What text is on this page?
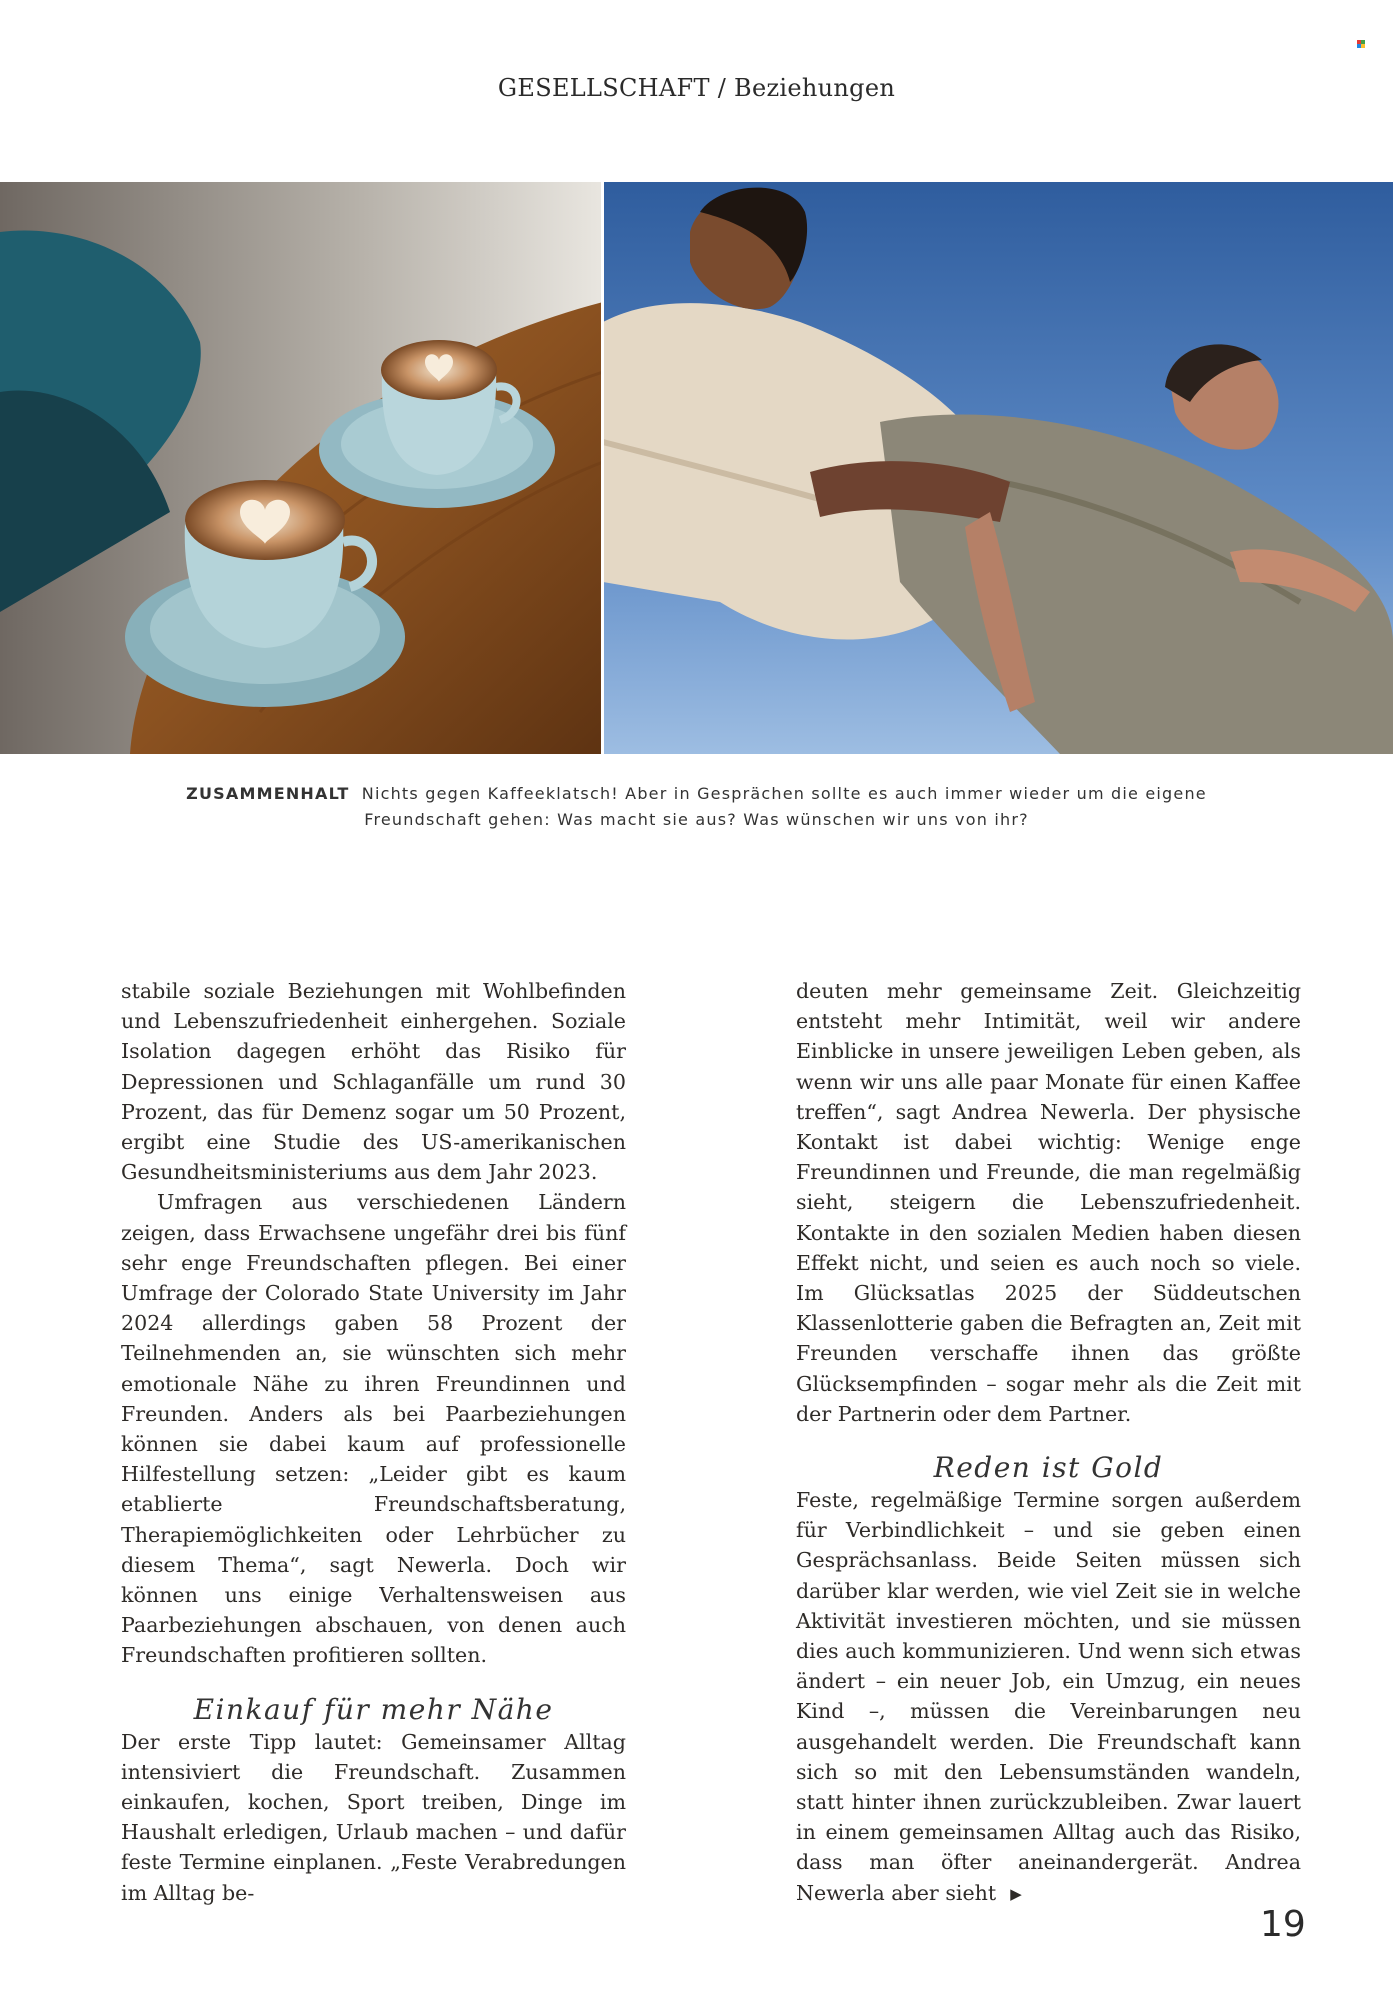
GESELLSCHAFT / Beziehungen
ZUSAMMENHALT Nichts gegen Kaffeeklatsch! Aber in Gesprächen sollte es auch immer wieder um die eigene Freundschaft gehen: Was macht sie aus? Was wünschen wir uns von ihr?

stabile soziale Beziehungen mit Wohlbefinden und Lebenszufriedenheit einhergehen. Soziale Isolation dagegen erhöht das Risiko für Depressionen und Schlaganfälle um rund 30 Prozent, das für Demenz sogar um 50 Prozent, ergibt eine Studie des US-amerikanischen Gesundheitsministeriums aus dem Jahr 2023.

Umfragen aus verschiedenen Ländern zeigen, dass Erwachsene ungefähr drei bis fünf sehr enge Freundschaften pflegen. Bei einer Umfrage der Colorado State University im Jahr 2024 allerdings gaben 58 Prozent der Teilnehmenden an, sie wünschten sich mehr emotionale Nähe zu ihren Freundinnen und Freunden. Anders als bei Paarbeziehungen können sie dabei kaum auf professionelle Hilfestellung setzen: „Leider gibt es kaum etablierte Freundschaftsberatung, Therapiemöglichkeiten oder Lehrbücher zu diesem Thema“, sagt Newerla. Doch wir können uns einige Verhaltensweisen aus Paarbeziehungen abschauen, von denen auch Freundschaften profitieren sollten.

Einkauf für mehr Nähe

Der erste Tipp lautet: Gemeinsamer Alltag intensiviert die Freundschaft. Zusammen einkaufen, kochen, Sport treiben, Dinge im Haushalt erledigen, Urlaub machen – und dafür feste Termine einplanen. „Feste Verabredungen im Alltag be-

deuten mehr gemeinsame Zeit. Gleichzeitig entsteht mehr Intimität, weil wir andere Einblicke in unsere jeweiligen Leben geben, als wenn wir uns alle paar Monate für einen Kaffee treffen“, sagt Andrea Newerla. Der physische Kontakt ist dabei wichtig: Wenige enge Freundinnen und Freunde, die man regelmäßig sieht, steigern die Lebenszufriedenheit. Kontakte in den sozialen Medien haben diesen Effekt nicht, und seien es auch noch so viele. Im Glücksatlas 2025 der Süddeutschen Klassenlotterie gaben die Befragten an, Zeit mit Freunden verschaffe ihnen das größte Glücksempfinden – sogar mehr als die Zeit mit der Partnerin oder dem Partner.

Reden ist Gold

Feste, regelmäßige Termine sorgen außerdem für Verbindlichkeit – und sie geben einen Gesprächsanlass. Beide Seiten müssen sich darüber klar werden, wie viel Zeit sie in welche Aktivität investieren möchten, und sie müssen dies auch kommunizieren. Und wenn sich etwas ändert – ein neuer Job, ein Umzug, ein neues Kind –, müssen die Vereinbarungen neu ausgehandelt werden. Die Freundschaft kann sich so mit den Lebensumständen wandeln, statt hinter ihnen zurückzubleiben. Zwar lauert in einem gemeinsamen Alltag auch das Risiko, dass man öfter aneinandergerät. Andrea Newerla aber sieht ▶

19
